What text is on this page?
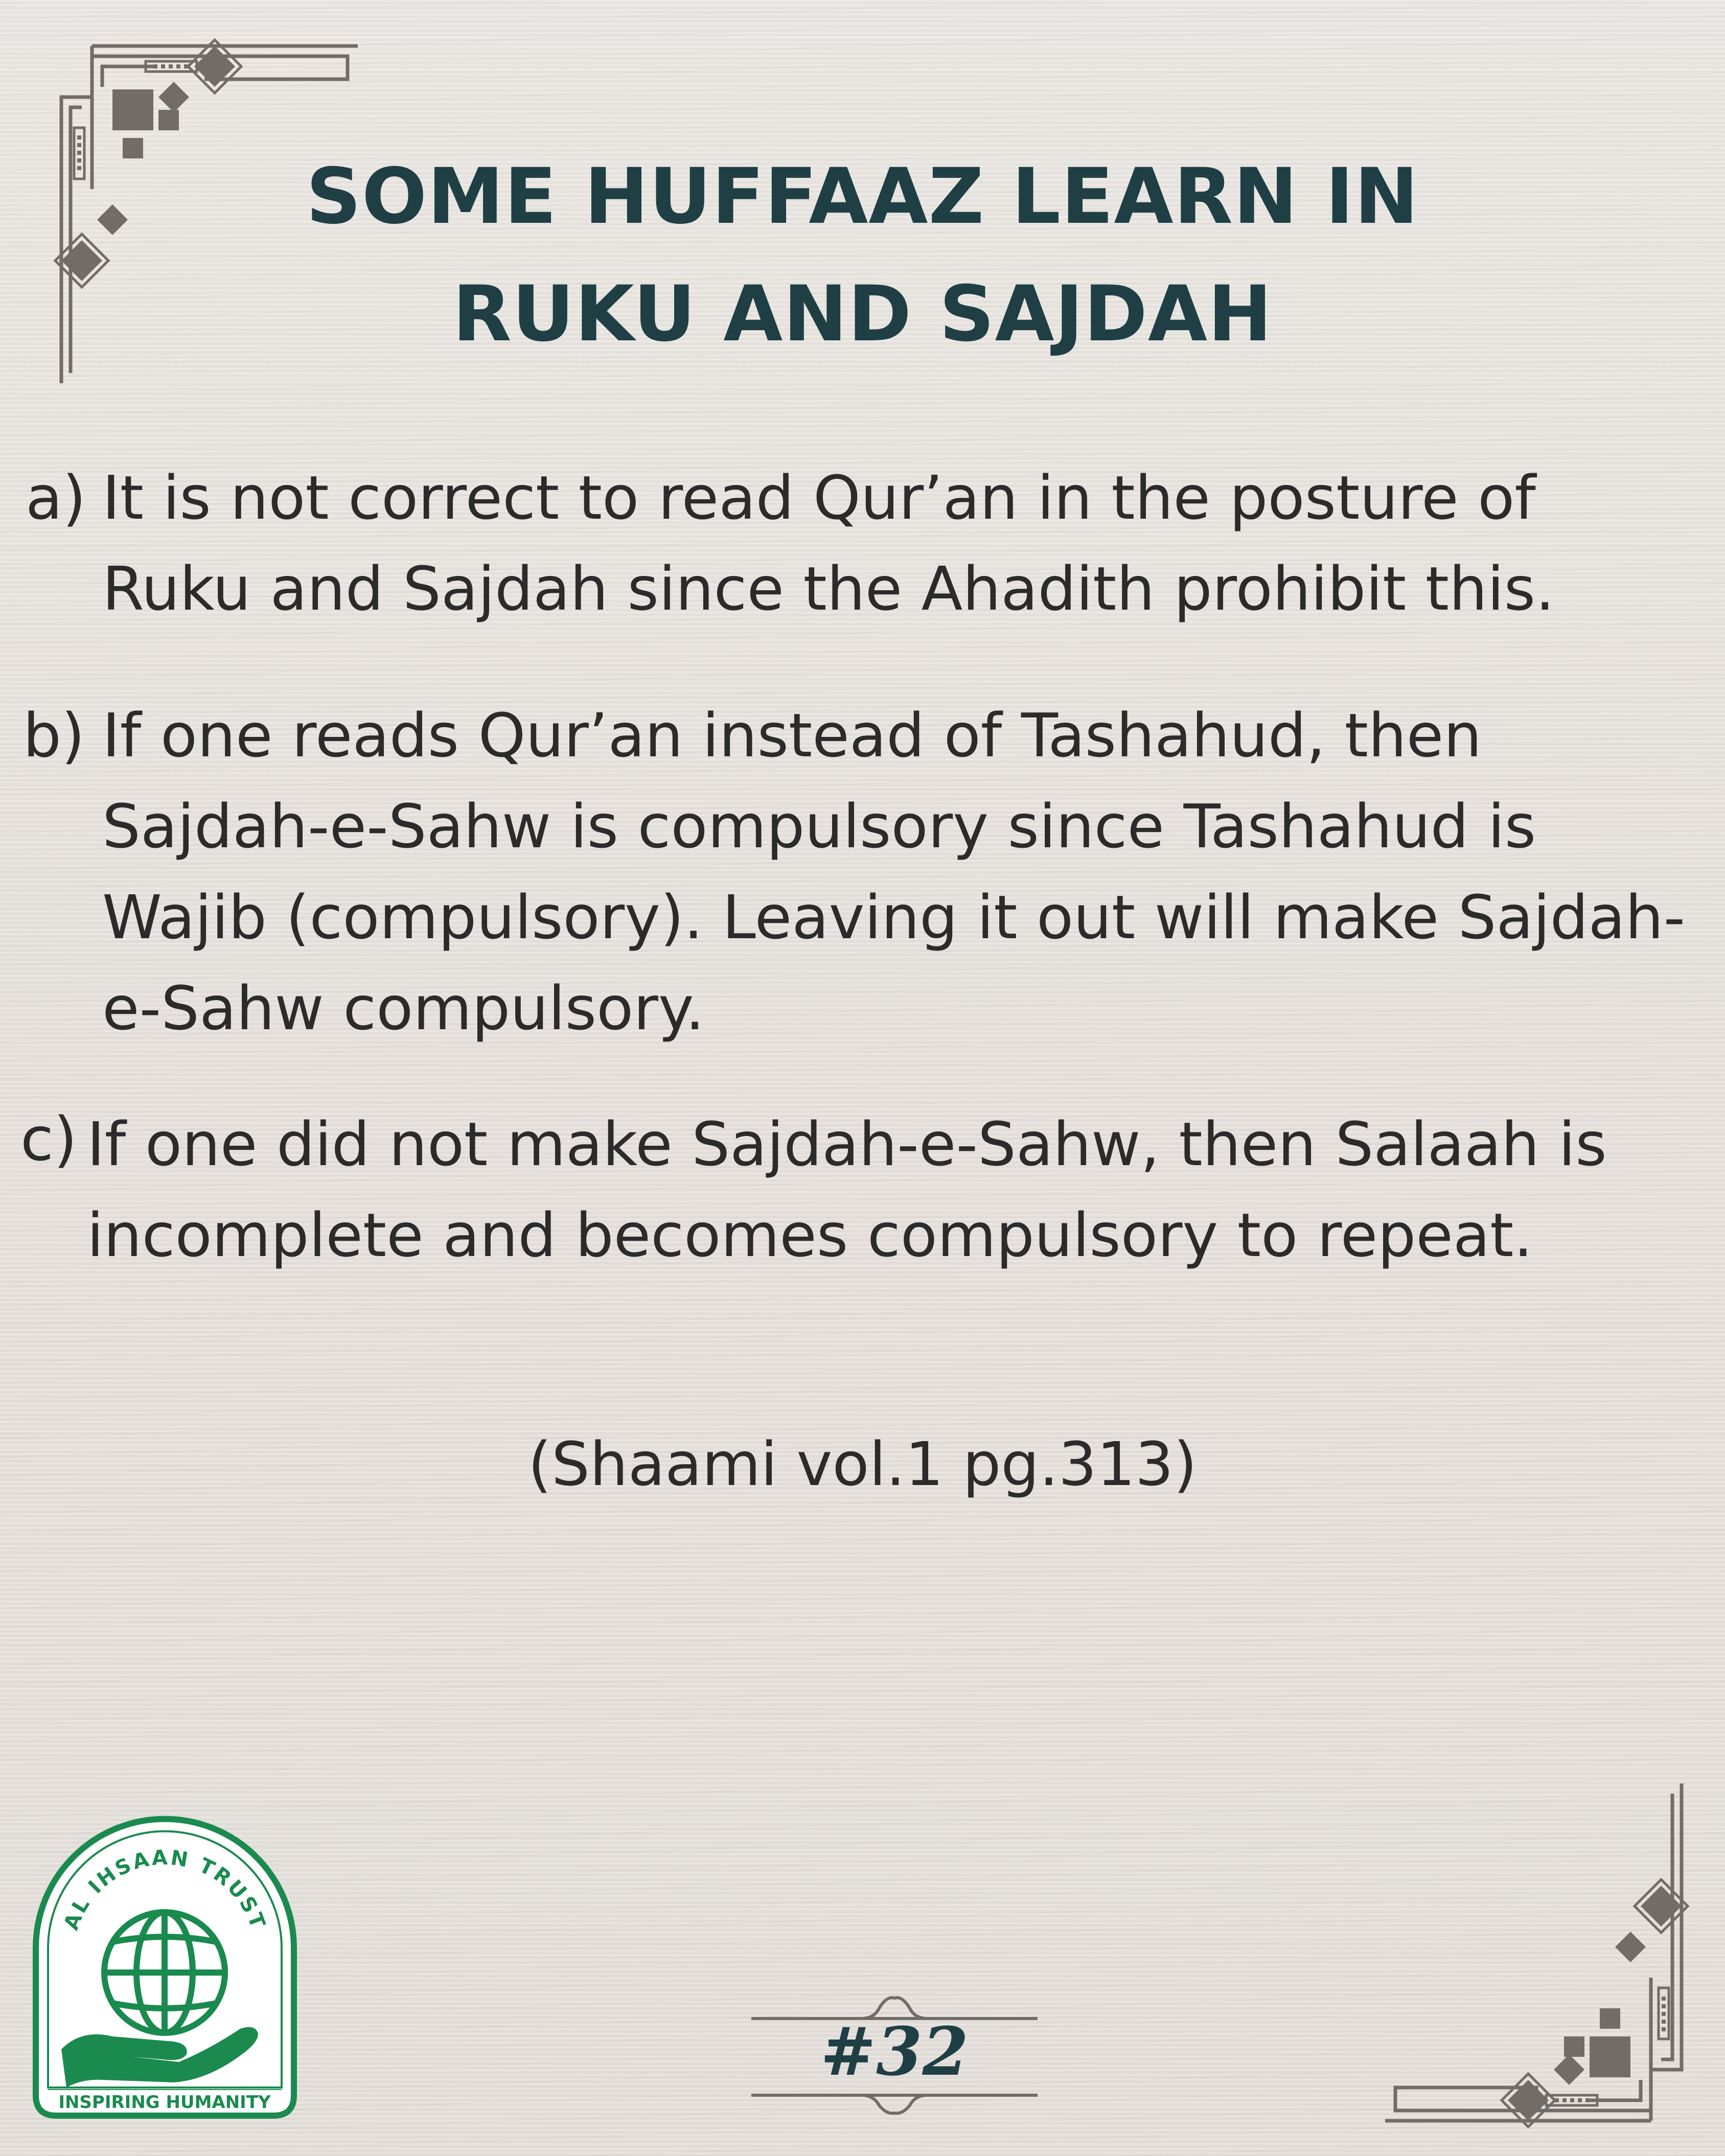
SOME HUFFAAZ LEARN IN
RUKU AND SAJDAH
a) It is not correct to read Qur’an in the posture of
Ruku and Sajdah since the Ahadith prohibit this.
b) If one reads Qur’an instead of Tashahud, then
Sajdah-e-Sahw is compulsory since Tashahud is
Wajib (compulsory). Leaving it out will make Sajdah-
e-Sahw compulsory.
c) If one did not make Sajdah-e-Sahw, then Salaah is
incomplete and becomes compulsory to repeat.
(Shaami vol.1 pg.313)
AL IHSAAN TRUST
INSPIRING HUMANITY
#32
